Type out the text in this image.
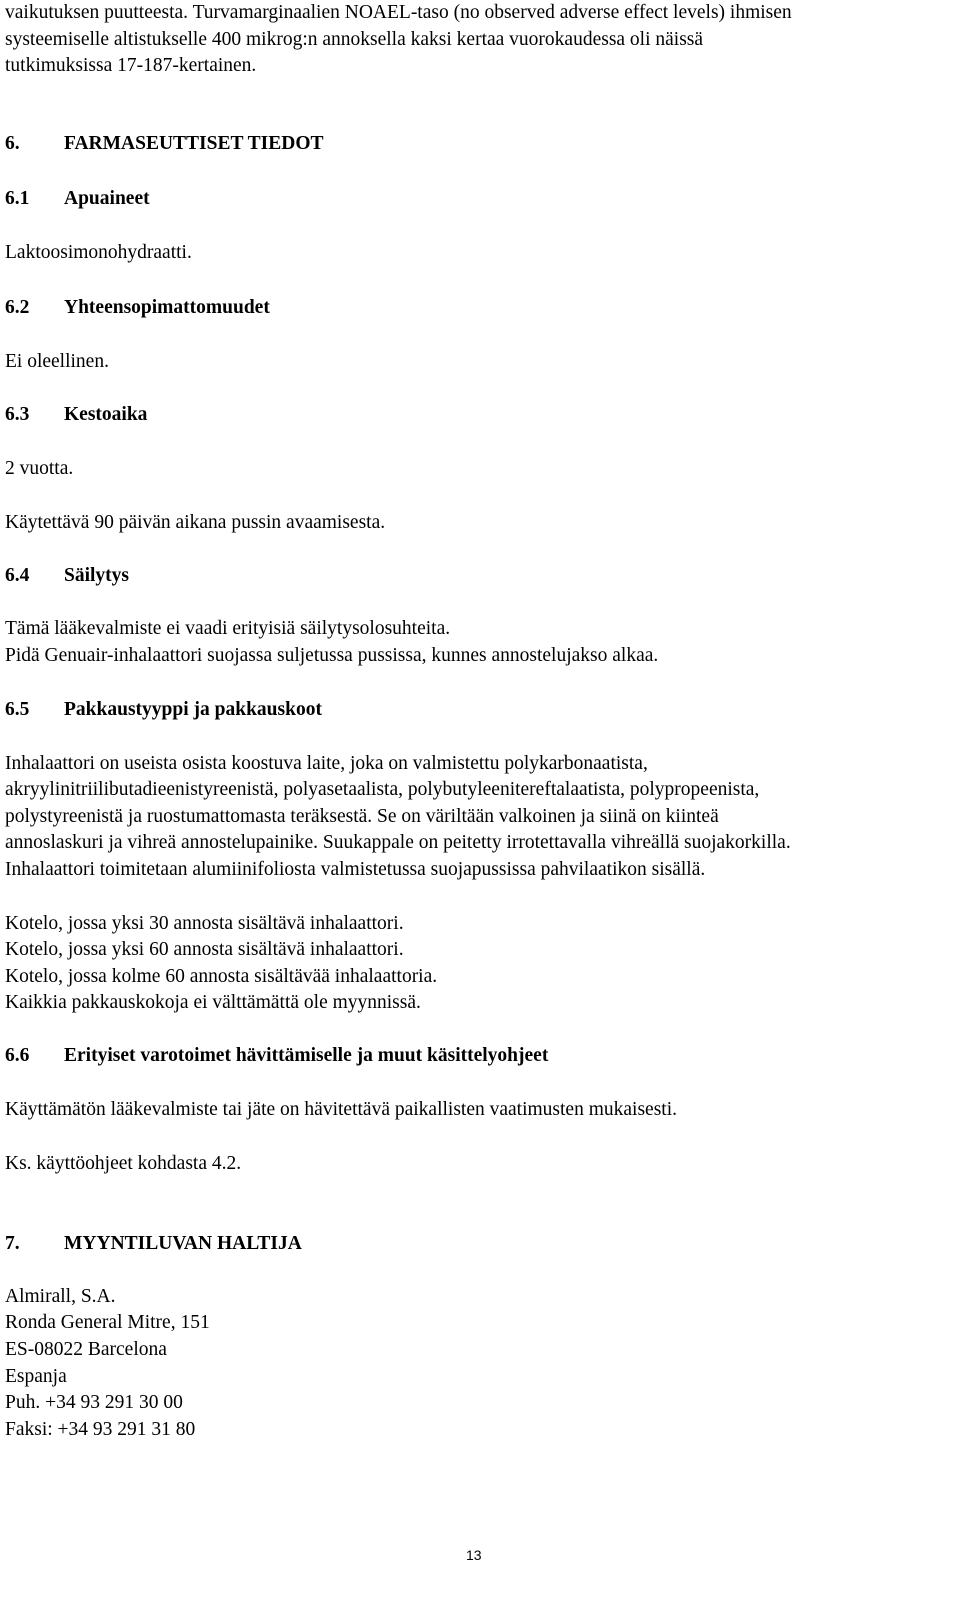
vaikutuksen puutteesta. Turvamarginaalien NOAEL-taso (no observed adverse effect levels) ihmisen
systeemiselle altistukselle 400 mikrog:n annoksella kaksi kertaa vuorokaudessa oli näissä
tutkimuksissa 17-187-kertainen.
6. FARMASEUTTISET TIEDOT
6.1 Apuaineet
Laktoosimonohydraatti.
6.2 Yhteensopimattomuudet
Ei oleellinen.
6.3 Kestoaika
2 vuotta.
Käytettävä 90 päivän aikana pussin avaamisesta.
6.4 Säilytys
Tämä lääkevalmiste ei vaadi erityisiä säilytysolosuhteita.
Pidä Genuair-inhalaattori suojassa suljetussa pussissa, kunnes annostelujakso alkaa.
6.5 Pakkaustyyppi ja pakkauskoot
Inhalaattori on useista osista koostuva laite, joka on valmistettu polykarbonaatista,
akryylinitriilibutadieenistyreenistä, polyasetaalista, polybutyleenitereftalaatista, polypropeenista,
polystyreenistä ja ruostumattomasta teräksestä. Se on väriltään valkoinen ja siinä on kiinteä
annoslaskuri ja vihreä annostelupainike. Suukappale on peitetty irrotettavalla vihreällä suojakorkilla.
Inhalaattori toimitetaan alumiinifoliosta valmistetussa suojapussissa pahvilaatikon sisällä.
Kotelo, jossa yksi 30 annosta sisältävä inhalaattori.
Kotelo, jossa yksi 60 annosta sisältävä inhalaattori.
Kotelo, jossa kolme 60 annosta sisältävää inhalaattoria.
Kaikkia pakkauskokoja ei välttämättä ole myynnissä.
6.6 Erityiset varotoimet hävittämiselle ja muut käsittelyohjeet
Käyttämätön lääkevalmiste tai jäte on hävitettävä paikallisten vaatimusten mukaisesti.
Ks. käyttöohjeet kohdasta 4.2.
7. MYYNTILUVAN HALTIJA
Almirall, S.A.
Ronda General Mitre, 151
ES-08022 Barcelona
Espanja
Puh. +34 93 291 30 00
Faksi: +34 93 291 31 80
13
